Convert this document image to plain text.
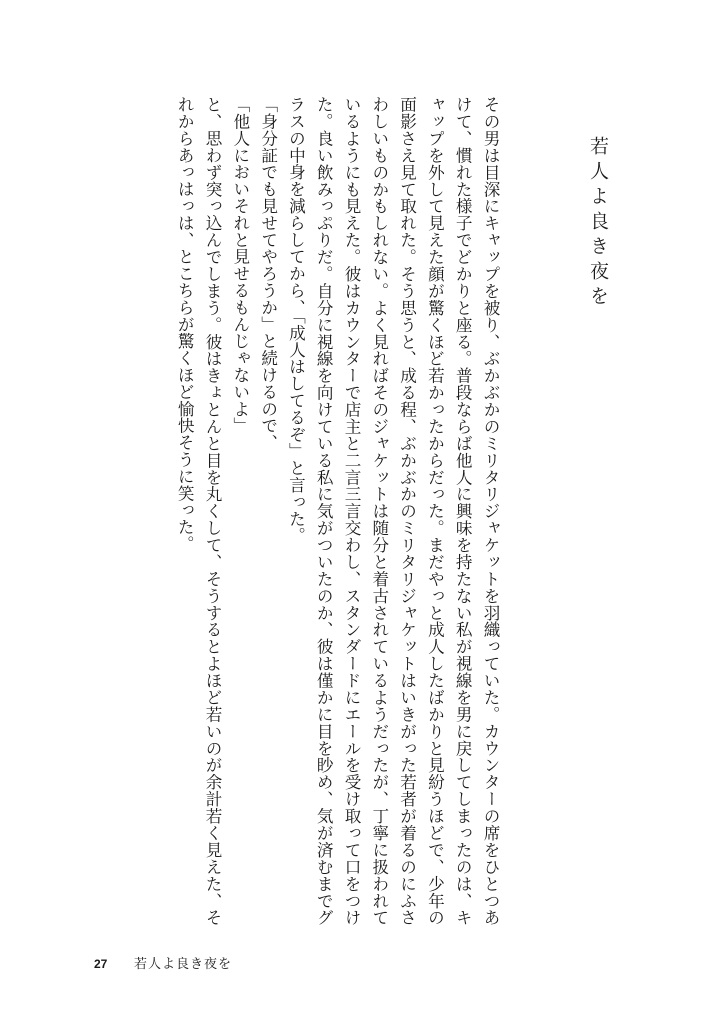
若人よ良き夜を

その男は目深にキャップを被り、ぶかぶかのミリタリジャケットを羽織っていた。カウンターの席をひとつあけて、慣れた様子でどかりと座る。普段ならば他人に興味を持たない私が視線を男に戻してしまったのは、キャップを外して見えた顔が驚くほど若かったからだった。まだやっと成人したばかりと見紛うほどで、少年の面影さえ見て取れた。そう思うと、成る程、ぶかぶかのミリタリジャケットはいきがった若者が着るのにふさわしいものかもしれない。よく見ればそのジャケットは随分と着古されているようだったが、丁寧に扱われているようにも見えた。彼はカウンターで店主と二言三言交わし、スタンダードにエールを受け取って口をつけた。良い飲みっぷりだ。自分に視線を向けている私に気がついたのか、彼は僅かに目を眇め、気が済むまでグラスの中身を減らしてから、「成人はしてるぞ」と言った。

「身分証でも見せてやろうか」と続けるので、

「他人においそれと見せるもんじゃないよ」

と、思わず突っ込んでしまう。彼はきょとんと目を丸くして、そうするとよほど若いのが余計若く見えた、それからあっはっは、とこちらが驚くほど愉快そうに笑った。

27	若人よ良き夜を
